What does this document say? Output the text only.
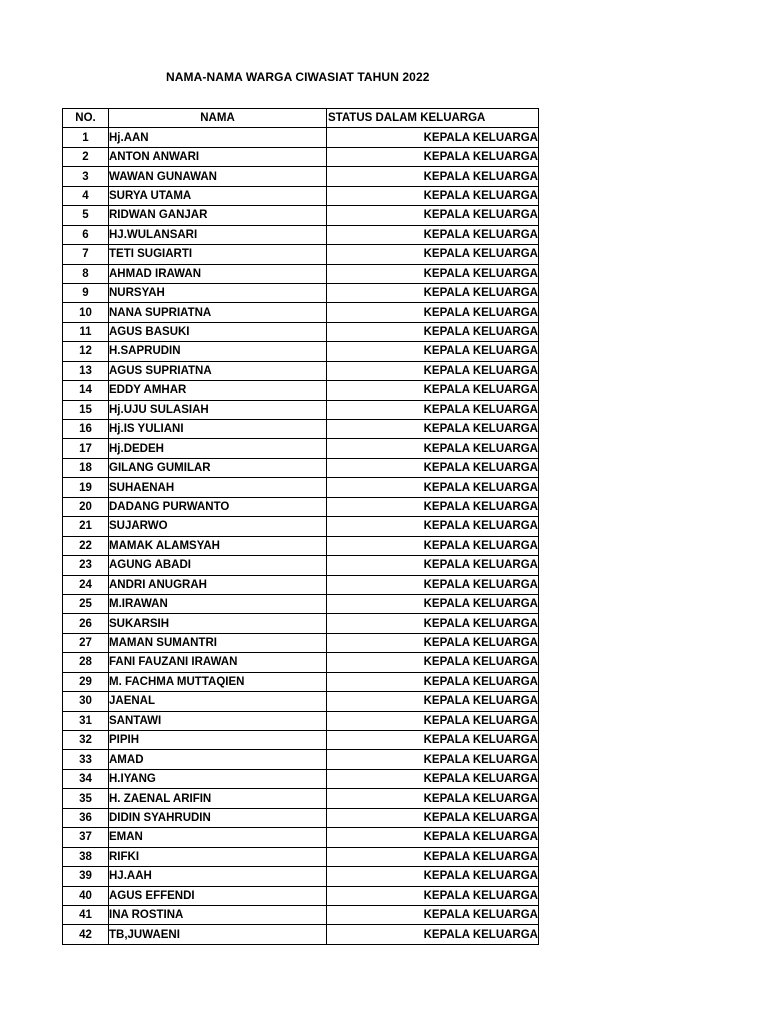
NAMA-NAMA WARGA CIWASIAT TAHUN 2022
NO.	NAMA	STATUS DALAM KELUARGA
1	Hj.AAN	KEPALA KELUARGA
2	ANTON ANWARI	KEPALA KELUARGA
3	WAWAN GUNAWAN	KEPALA KELUARGA
4	SURYA UTAMA	KEPALA KELUARGA
5	RIDWAN GANJAR	KEPALA KELUARGA
6	HJ.WULANSARI	KEPALA KELUARGA
7	TETI SUGIARTI	KEPALA KELUARGA
8	AHMAD IRAWAN	KEPALA KELUARGA
9	NURSYAH	KEPALA KELUARGA
10	NANA SUPRIATNA	KEPALA KELUARGA
11	AGUS BASUKI	KEPALA KELUARGA
12	H.SAPRUDIN	KEPALA KELUARGA
13	AGUS SUPRIATNA	KEPALA KELUARGA
14	EDDY AMHAR	KEPALA KELUARGA
15	Hj.UJU SULASIAH	KEPALA KELUARGA
16	Hj.IS YULIANI	KEPALA KELUARGA
17	Hj.DEDEH	KEPALA KELUARGA
18	GILANG GUMILAR	KEPALA KELUARGA
19	SUHAENAH	KEPALA KELUARGA
20	DADANG PURWANTO	KEPALA KELUARGA
21	SUJARWO	KEPALA KELUARGA
22	MAMAK ALAMSYAH	KEPALA KELUARGA
23	AGUNG ABADI	KEPALA KELUARGA
24	ANDRI ANUGRAH	KEPALA KELUARGA
25	M.IRAWAN	KEPALA KELUARGA
26	SUKARSIH	KEPALA KELUARGA
27	MAMAN SUMANTRI	KEPALA KELUARGA
28	FANI FAUZANI IRAWAN	KEPALA KELUARGA
29	M. FACHMA MUTTAQIEN	KEPALA KELUARGA
30	JAENAL	KEPALA KELUARGA
31	SANTAWI	KEPALA KELUARGA
32	PIPIH	KEPALA KELUARGA
33	AMAD	KEPALA KELUARGA
34	H.IYANG	KEPALA KELUARGA
35	H. ZAENAL ARIFIN	KEPALA KELUARGA
36	DIDIN SYAHRUDIN	KEPALA KELUARGA
37	EMAN	KEPALA KELUARGA
38	RIFKI	KEPALA KELUARGA
39	HJ.AAH	KEPALA KELUARGA
40	AGUS EFFENDI	KEPALA KELUARGA
41	INA ROSTINA	KEPALA KELUARGA
42	TB,JUWAENI	KEPALA KELUARGA
